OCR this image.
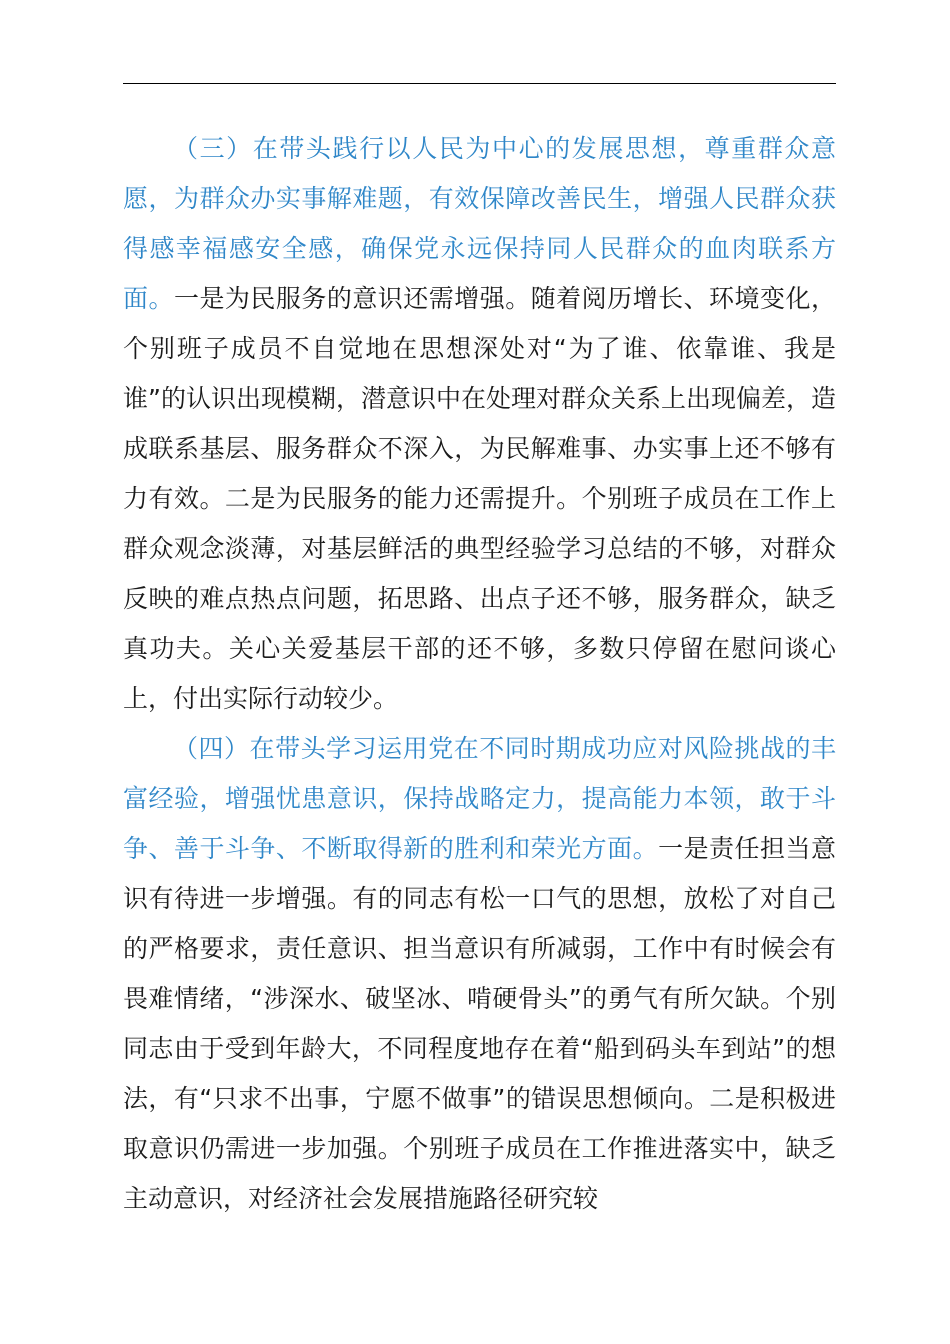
（三）在带头践行以人民为中心的发展思想，尊重群众意愿，为群众办实事解难题，有效保障改善民生，增强人民群众获得感幸福感安全感，确保党永远保持同人民群众的血肉联系方面。一是为民服务的意识还需增强。随着阅历增长、环境变化，个别班子成员不自觉地在思想深处对“为了谁、依靠谁、我是谁”的认识出现模糊，潜意识中在处理对群众关系上出现偏差，造成联系基层、服务群众不深入，为民解难事、办实事上还不够有力有效。二是为民服务的能力还需提升。个别班子成员在工作上群众观念淡薄，对基层鲜活的典型经验学习总结的不够，对群众反映的难点热点问题，拓思路、出点子还不够，服务群众，缺乏真功夫。关心关爱基层干部的还不够，多数只停留在慰问谈心上，付出实际行动较少。

（四）在带头学习运用党在不同时期成功应对风险挑战的丰富经验，增强忧患意识，保持战略定力，提高能力本领，敢于斗争、善于斗争、不断取得新的胜利和荣光方面。一是责任担当意识有待进一步增强。有的同志有松一口气的思想，放松了对自己的严格要求，责任意识、担当意识有所减弱，工作中有时候会有畏难情绪，“涉深水、破坚冰、啃硬骨头”的勇气有所欠缺。个别同志由于受到年龄大，不同程度地存在着“船到码头车到站”的想法，有“只求不出事，宁愿不做事”的错误思想倾向。二是积极进取意识仍需进一步加强。个别班子成员在工作推进落实中，缺乏主动意识，对经济社会发展措施路径研究较
